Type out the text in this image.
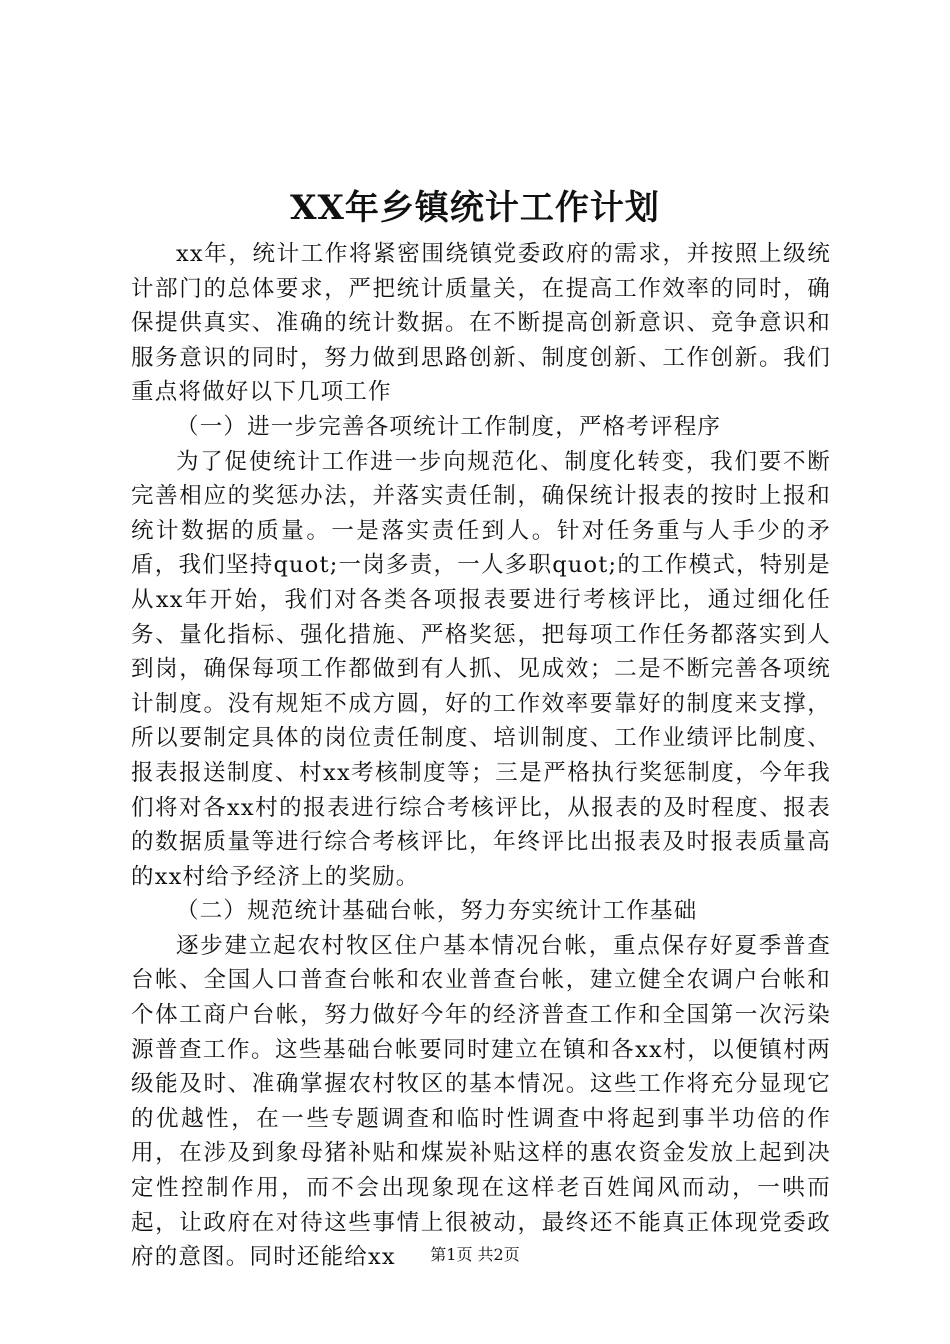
XX年乡镇统计工作计划

xx年，统计工作将紧密围绕镇党委政府的需求，并按照上级统计部门的总体要求，严把统计质量关，在提高工作效率的同时，确保提供真实、准确的统计数据。在不断提高创新意识、竞争意识和服务意识的同时，努力做到思路创新、制度创新、工作创新。我们重点将做好以下几项工作

（一）进一步完善各项统计工作制度，严格考评程序

为了促使统计工作进一步向规范化、制度化转变，我们要不断完善相应的奖惩办法，并落实责任制，确保统计报表的按时上报和统计数据的质量。一是落实责任到人。针对任务重与人手少的矛盾，我们坚持quot;一岗多责，一人多职quot;的工作模式，特别是从xx年开始，我们对各类各项报表要进行考核评比，通过细化任务、量化指标、强化措施、严格奖惩，把每项工作任务都落实到人到岗，确保每项工作都做到有人抓、见成效；二是不断完善各项统计制度。没有规矩不成方圆，好的工作效率要靠好的制度来支撑，所以要制定具体的岗位责任制度、培训制度、工作业绩评比制度、报表报送制度、村xx考核制度等；三是严格执行奖惩制度，今年我们将对各xx村的报表进行综合考核评比，从报表的及时程度、报表的数据质量等进行综合考核评比，年终评比出报表及时报表质量高的xx村给予经济上的奖励。

（二）规范统计基础台帐，努力夯实统计工作基础

逐步建立起农村牧区住户基本情况台帐，重点保存好夏季普查台帐、全国人口普查台帐和农业普查台帐，建立健全农调户台帐和个体工商户台帐，努力做好今年的经济普查工作和全国第一次污染源普查工作。这些基础台帐要同时建立在镇和各xx村，以便镇村两级能及时、准确掌握农村牧区的基本情况。这些工作将充分显现它的优越性，在一些专题调查和临时性调查中将起到事半功倍的作用，在涉及到象母猪补贴和煤炭补贴这样的惠农资金发放上起到决定性控制作用，而不会出现象现在这样老百姓闻风而动，一哄而起，让政府在对待这些事情上很被动，最终还不能真正体现党委政府的意图。同时还能给xx	第1页 共2页
